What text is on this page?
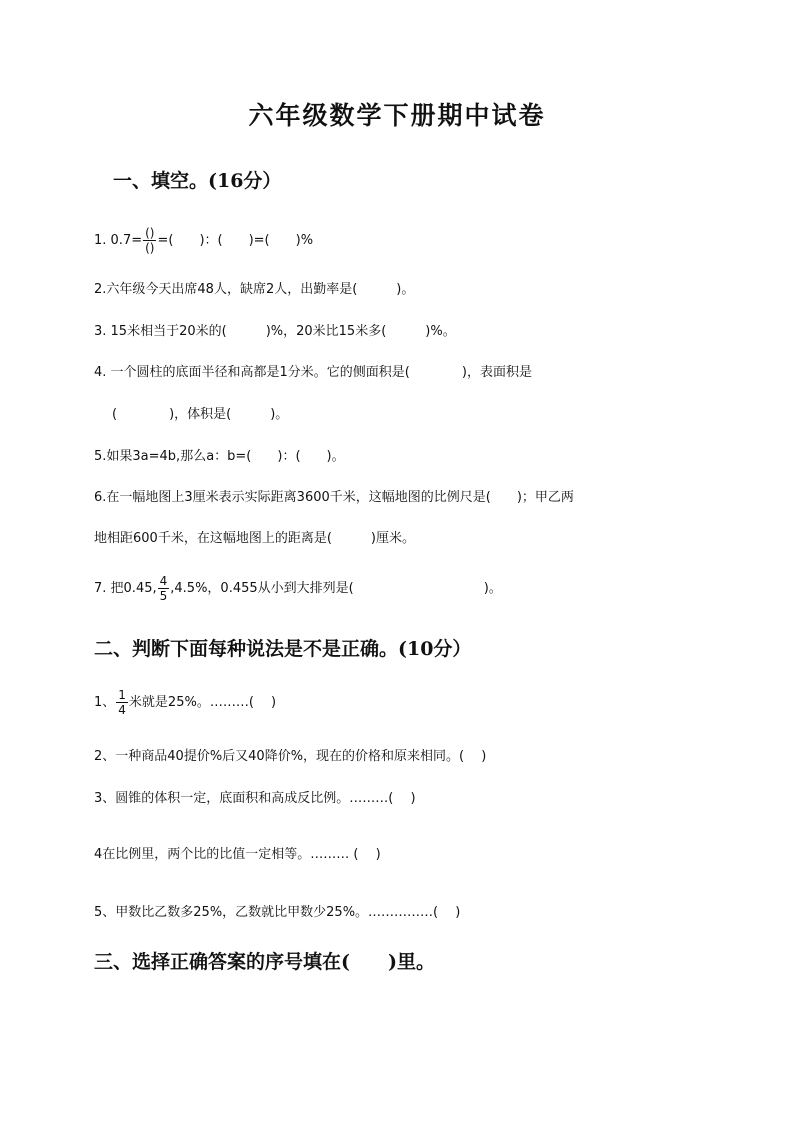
六年级数学下册期中试卷
一、填空。(16分）
1. $0.7= \frac{()}{()}$ =(　　)：(　　)=(　　)%
2.六年级今天出席48人，缺席2人，出勤率是(　　　)。
3. 15米相当于20米的(　　　)%，20米比15米多(　　　)%。
4. 一个圆柱的底面半径和高都是1分米。它的侧面积是(　　　　)，表面积是
(　　　　)，体积是(　　　)。
5.如果3a=4b,那么a：b=(　　)：(　　)。
6.在一幅地图上3厘米表示实际距离3600千米，这幅地图的比例尺是(　　)；甲乙两
地相距600千米，在这幅地图上的距离是(　　　)厘米。
7. 把0.45, $\frac{4}{5} ,4.5\%$，0.455从小到大排列是(　　　　　　　　　　)。
二、判断下面每种说法是不是正确。(10分）
1、 $\frac{1}{4}$ 米就是25%。………(　 )
2、一种商品40提价%后又40降价%，现在的价格和原来相同。(　 )
3、圆锥的体积一定，底面积和高成反比例。………(　 )
4在比例里，两个比的比值一定相等。……… (　 )
5、甲数比乙数多25%，乙数就比甲数少25%。……………(　 )
三、选择正确答案的序号填在(　　)里。
